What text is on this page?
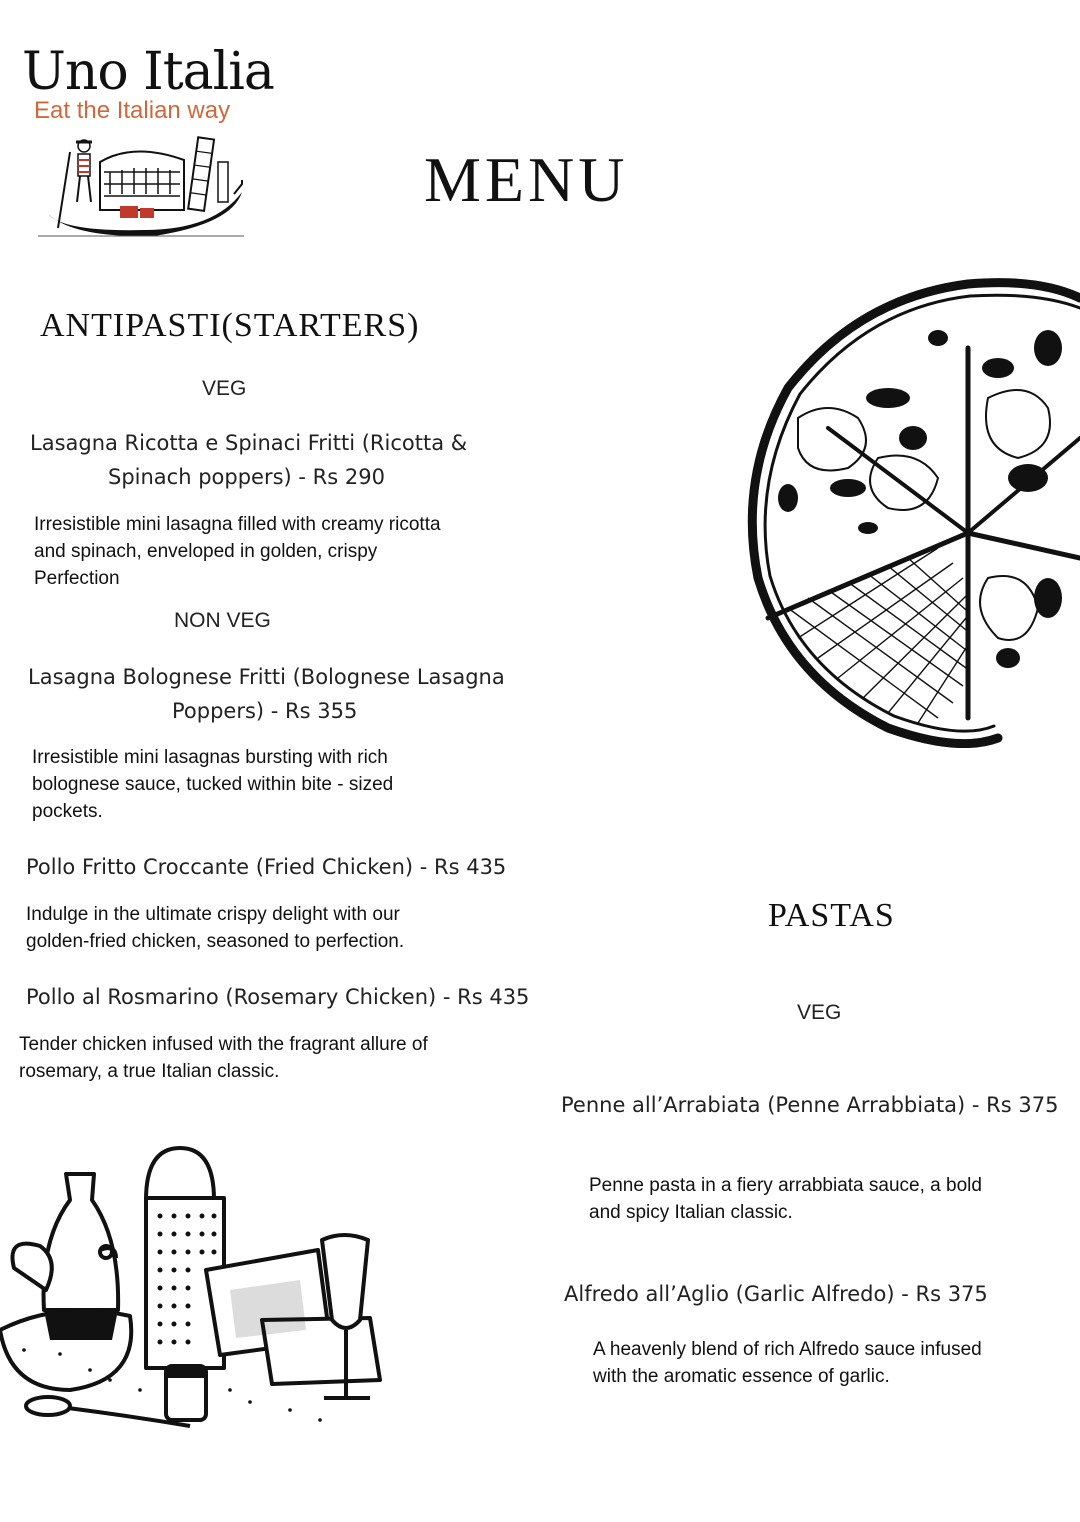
Uno Italia
Eat the Italian way
MENU
ANTIPASTI(STARTERS)
VEG
Lasagna Ricotta e Spinaci Fritti (Ricotta &
Spinach poppers) - Rs 290
Irresistible mini lasagna filled with creamy ricotta
and spinach, enveloped in golden, crispy
Perfection
NON VEG
Lasagna Bolognese Fritti (Bolognese Lasagna
Poppers) - Rs 355
Irresistible mini lasagnas bursting with rich
bolognese sauce, tucked within bite - sized
pockets.
Pollo Fritto Croccante (Fried Chicken) - Rs 435
Indulge in the ultimate crispy delight with our
golden-fried chicken, seasoned to perfection.
Pollo al Rosmarino (Rosemary Chicken) - Rs 435
Tender chicken infused with the fragrant allure of
rosemary, a true Italian classic.
PASTAS
VEG
Penne all’Arrabiata (Penne Arrabbiata) - Rs 375
Penne pasta in a fiery arrabbiata sauce, a bold
and spicy Italian classic.
Alfredo all’Aglio (Garlic Alfredo) - Rs 375
A heavenly blend of rich Alfredo sauce infused
with the aromatic essence of garlic.
